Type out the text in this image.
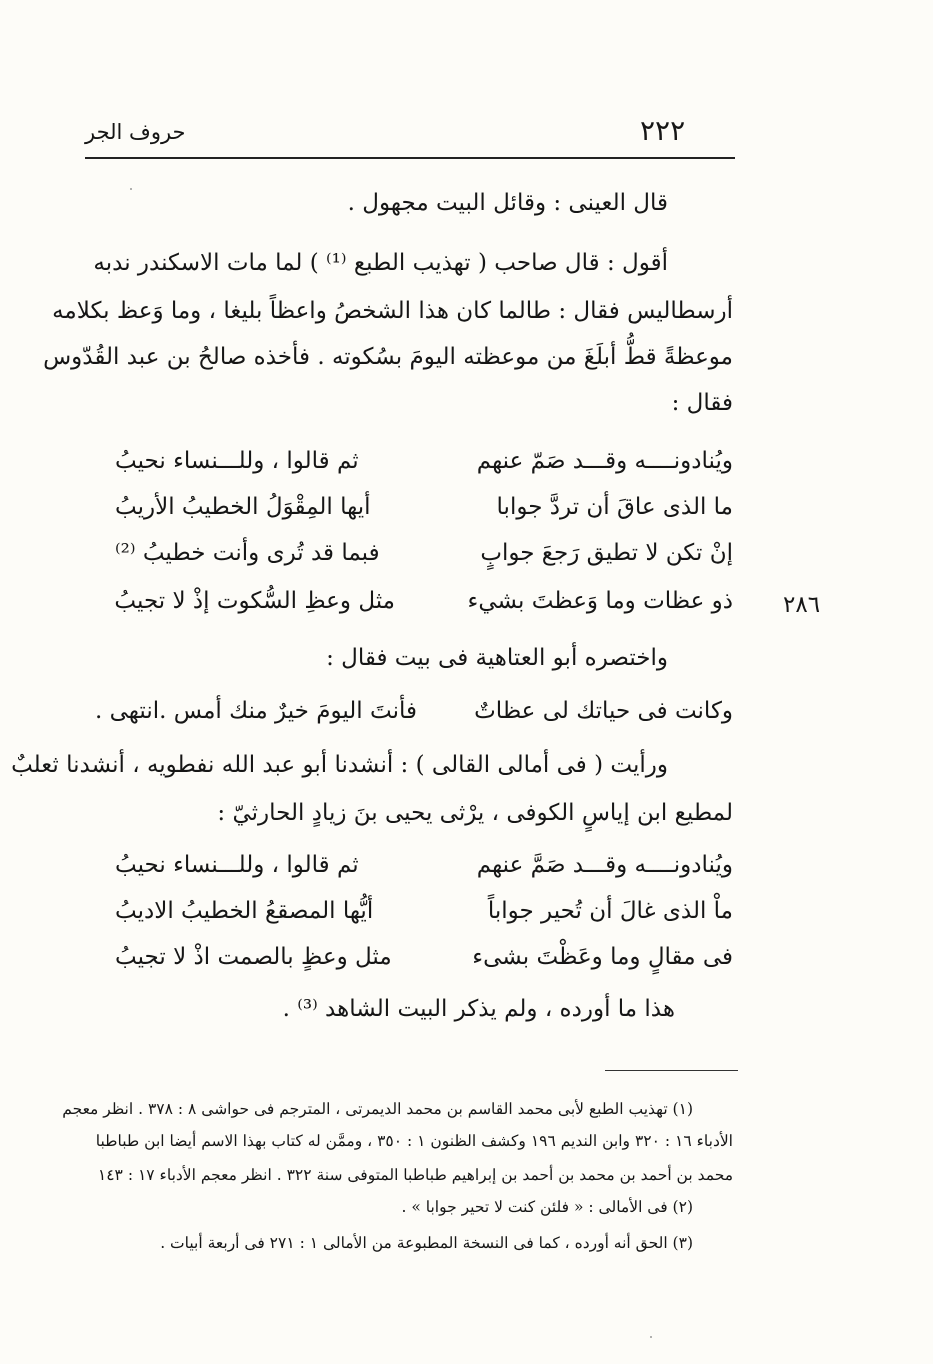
حروف الجر	٢٢٢
قال العينى : وقائل البيت مجهول .
أقول : قال صاحب ( تهذيب الطبع ⁽¹⁾ ) لما مات الاسكندر ندبه
أرسطاليس فقال : طالما كان هذا الشخصُ واعظاً بليغا ، وما وَعظ بكلامه
موعظةً قطُّ أبلَغَ من موعظته اليومَ بسُكوته . فأخذه صالحُ بن عبد القُدّوس
فقال :
ويُنادونــــه وقـــد صَمّ عنهم
ثم قالوا ، وللـــنساء نحيبُ
ما الذى عاقَ أن تردَّ جوابا
أيها المِقْوَلُ الخطيبُ الأريبُ
إنْ تكن لا تطيق رَجعَ جوابٍ
فبما قد تُرى وأنت خطيبُ ⁽²⁾
ذو عظات وما وَعظتَ بشيء
مثل وعظِ السُّكوت إذْ لا تجيبُ	٢٨٦
واختصره أبو العتاهية فى بيت فقال :
وكانت فى حياتك لى عظاتٌ
فأنتَ اليومَ خيرٌ منك أمس .انتهى .
ورأيت ( فى أمالى القالى ) : أنشدنا أبو عبد الله نفطويه ، أنشدنا ثعلبٌ
لمطيع ابن إياسٍ الكوفى ، يرْثى يحيى بنَ زيادٍ الحارثيّ :
ويُنادونــــه وقـــد صَمَّ عنهم
ثم قالوا ، وللـــنساء نحيبُ
ماْ الذى غالَ أن تُحير جواباً
أيُّها المصقعُ الخطيبُ الاديبُ
فى مقالٍ وما وعَظْتَ بشىء
مثل وعظٍ بالصمت اذْ لا تجيبُ
هذا ما أورده ، ولم يذكر البيت الشاهد ⁽³⁾ .
(١) تهذيب الطبع لأبى محمد القاسم بن محمد الديمرتى ، المترجم فى حواشى ٨ : ٣٧٨ . انظر معجم
الأدباء ١٦ : ٣٢٠ وابن النديم ١٩٦ وكشف الظنون ١ : ٣٥٠ ، وممَّن له كتاب بهذا الاسم أيضا ابن طباطبا
محمد بن أحمد بن محمد بن أحمد بن إبراهيم طباطبا المتوفى سنة ٣٢٢ . انظر معجم الأدباء ١٧ : ١٤٣
(٢) فى الأمالى : « فلئن كنت لا تحير جوابا » .
(٣) الحق أنه أورده ، كما فى النسخة المطبوعة من الأمالى ١ : ٢٧١ فى أربعة أبيات .
